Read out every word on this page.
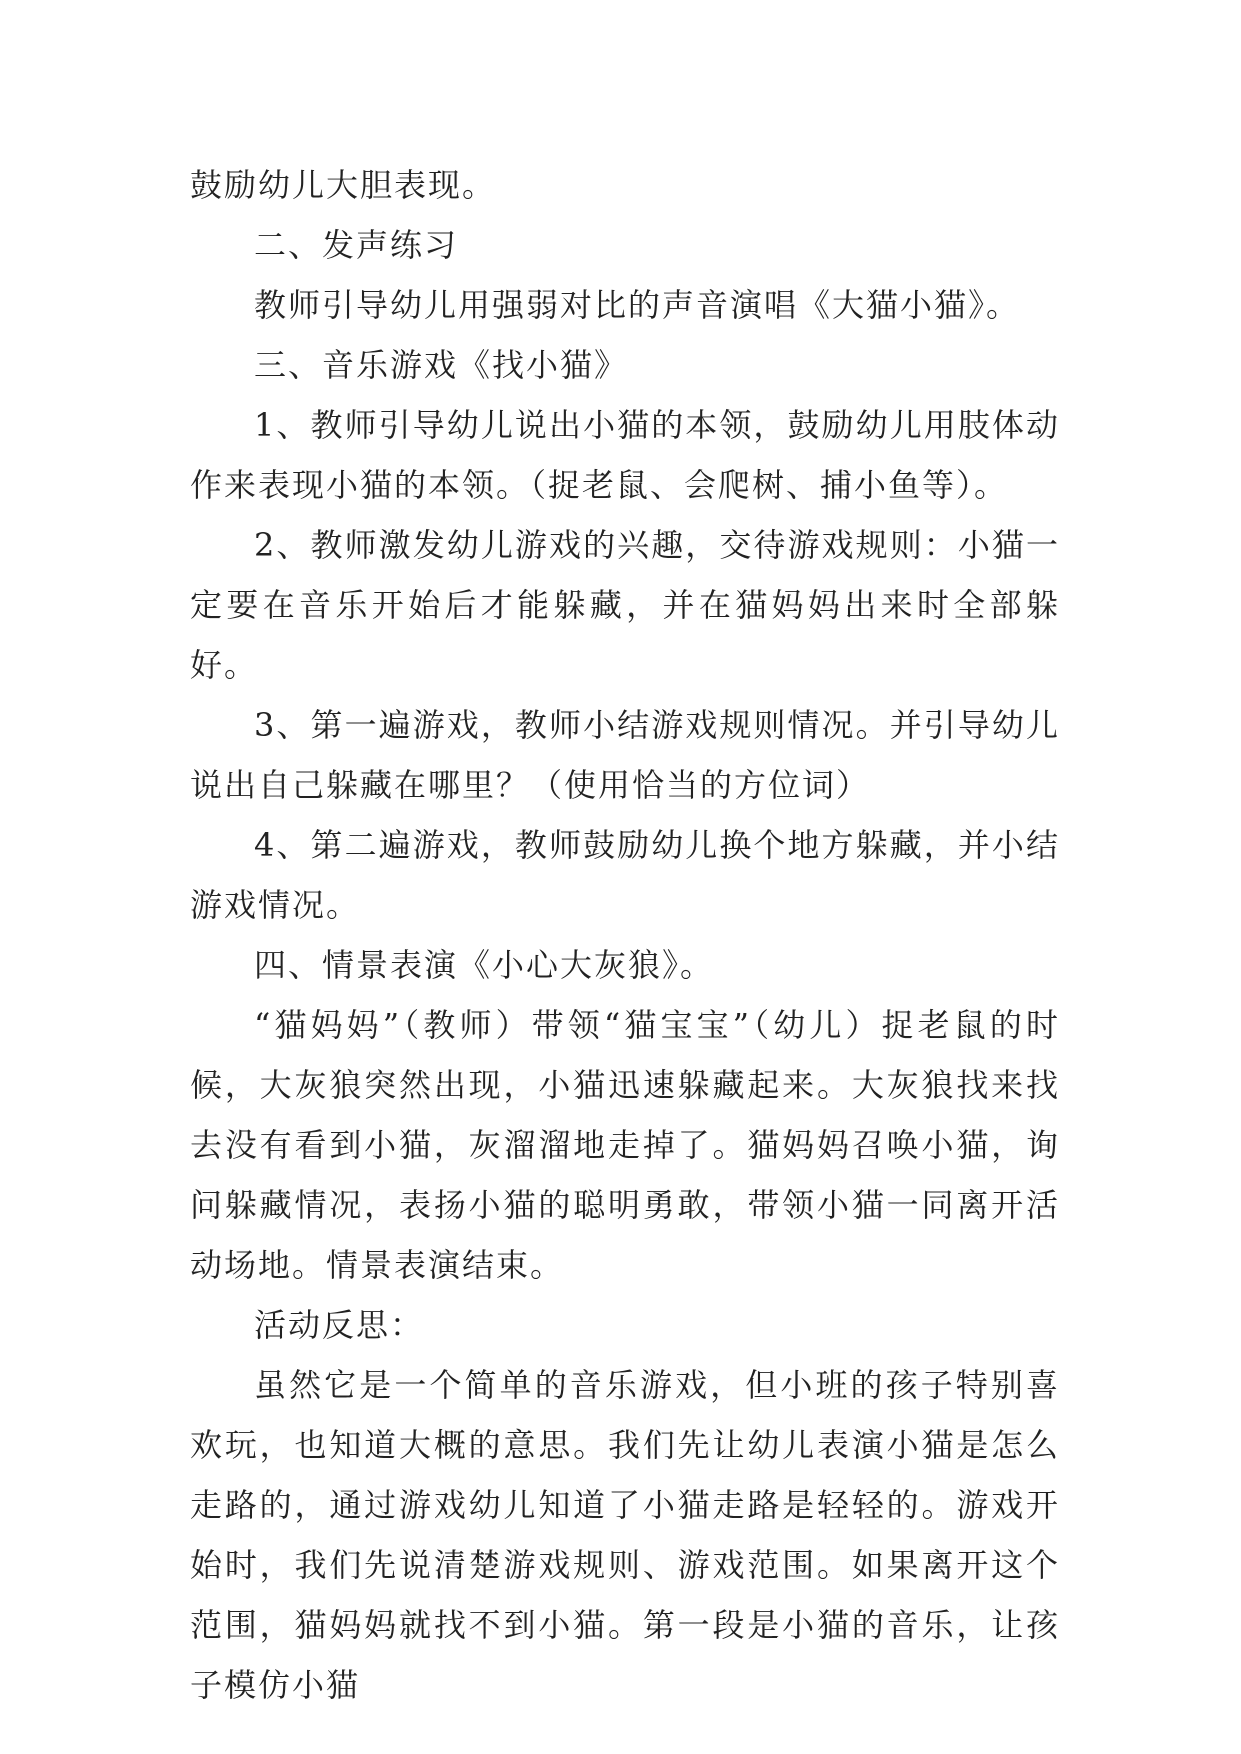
鼓励幼儿大胆表现。

二、发声练习

教师引导幼儿用强弱对比的声音演唱《大猫小猫》。

三、音乐游戏《找小猫》

1、教师引导幼儿说出小猫的本领，鼓励幼儿用肢体动作来表现小猫的本领。（捉老鼠、会爬树、捕小鱼等）。

2、教师激发幼儿游戏的兴趣，交待游戏规则：小猫一定要在音乐开始后才能躲藏，并在猫妈妈出来时全部躲好。

3、第一遍游戏，教师小结游戏规则情况。并引导幼儿说出自己躲藏在哪里？（使用恰当的方位词）

4、第二遍游戏，教师鼓励幼儿换个地方躲藏，并小结游戏情况。

四、情景表演《小心大灰狼》。

“猫妈妈”（教师）带领“猫宝宝”（幼儿）捉老鼠的时候，大灰狼突然出现，小猫迅速躲藏起来。大灰狼找来找去没有看到小猫，灰溜溜地走掉了。猫妈妈召唤小猫，询问躲藏情况，表扬小猫的聪明勇敢，带领小猫一同离开活动场地。情景表演结束。

活动反思：

虽然它是一个简单的音乐游戏，但小班的孩子特别喜欢玩，也知道大概的意思。我们先让幼儿表演小猫是怎么走路的，通过游戏幼儿知道了小猫走路是轻轻的。游戏开始时，我们先说清楚游戏规则、游戏范围。如果离开这个范围，猫妈妈就找不到小猫。第一段是小猫的音乐，让孩子模仿小猫
